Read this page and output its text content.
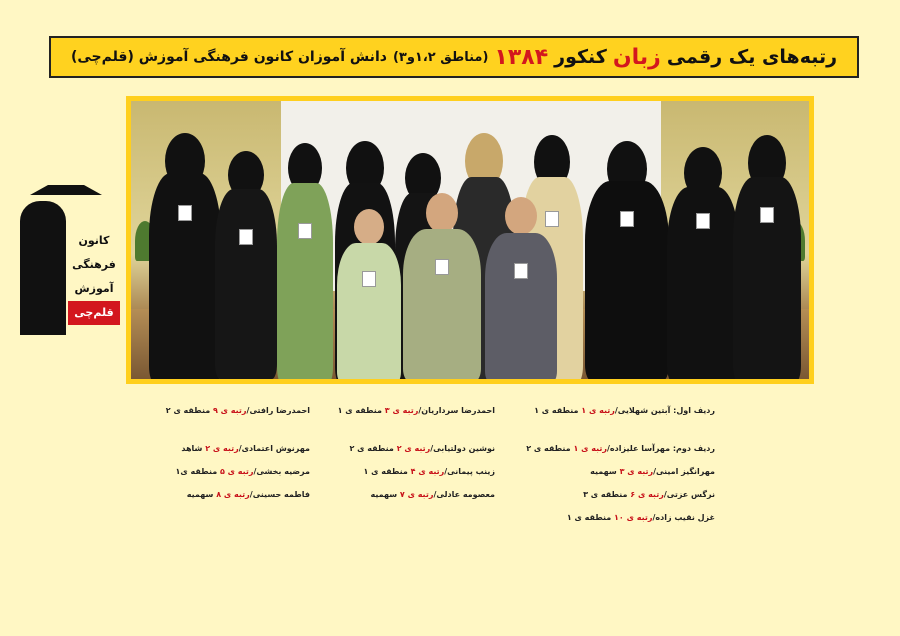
رتبه‌های یک رقمی
زبان
کنکور
۱۳۸۴
(مناطق ۱،۲و۳)
دانش آموزان کانون فرهنگی آموزش (قلم‌چی)
کانون
فرهنگی
آموزش
قلم‌چی
ردیف اول: آبتین شهلایی/رتبه ی ۱ منطقه ی ۱
ردیف دوم: مهرآسا علیزاده/رتبه ی ۱ منطقه ی ۲
مهرانگیز امینی/رتبه ی ۳ سهمیه
نرگس عزتی/رتبه ی ۶ منطقه ی ۳
غزل نقیب زاده/رتبه ی ۱۰ منطقه ی ۱
احمدرضا سرداریان/رتبه ی ۳ منطقه ی ۱
نوشین دولتیابی/رتبه ی ۲ منطقه ی ۲
زینب پیمانی/رتبه ی ۴ منطقه ی ۱
معصومه عادلی/رتبه ی ۷ سهمیه
احمدرضا رافتی/رتبه ی ۹ منطقه ی ۲
مهرنوش اعتمادی/رتبه ی ۲ شاهد
مرضیه بخشی/رتبه ی ۵ منطقه ی۱
فاطمه حسینی/رتبه ی ۸ سهمیه
